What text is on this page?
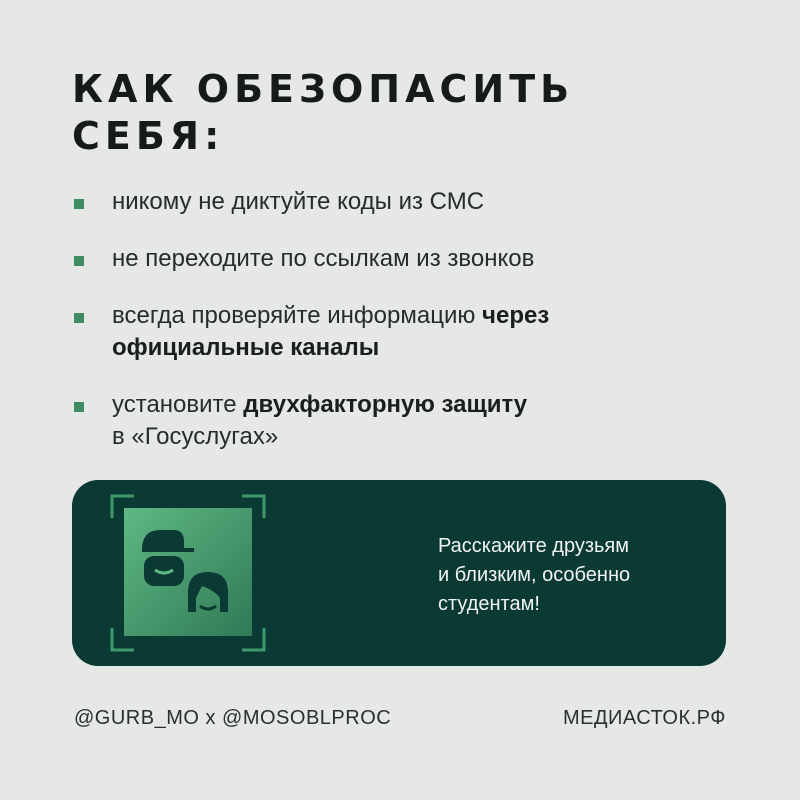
КАК ОБЕЗОПАСИТЬ
СЕБЯ:
никому не диктуйте коды из СМС
не переходите по ссылкам из звонков
всегда проверяйте информацию через официальные каналы
установите двухфакторную защиту
в «Госуслугах»
Расскажите друзьям
и близким, особенно
студентам!
@GURB_MO x @MOSOBLPROC	МЕДИАСТОК.РФ
